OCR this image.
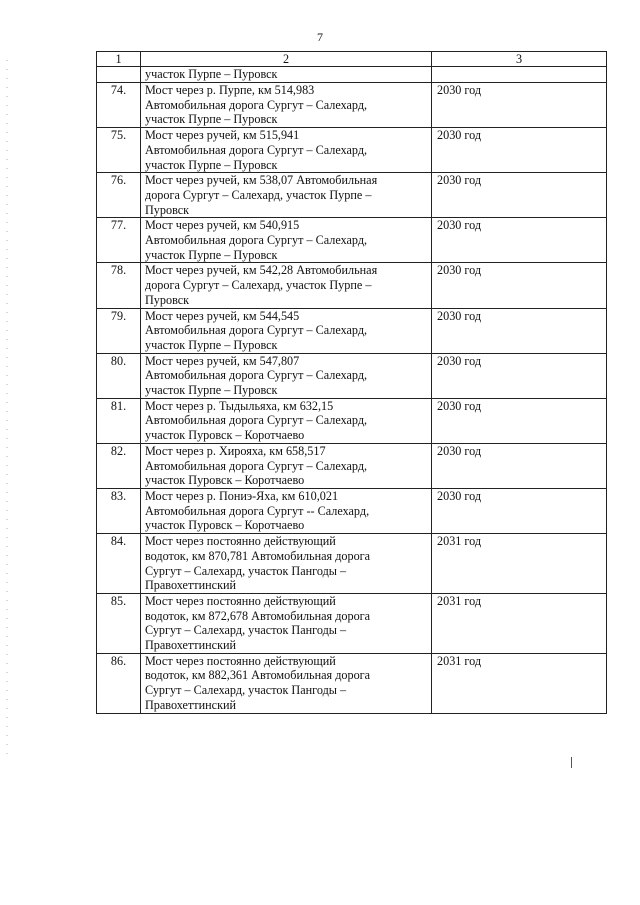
7
1	2	3

	участок Пурпе – Пуровск	

74.	Мост через р. Пурпе, км 514,983
Автомобильная дорога Сургут – Салехард,
участок Пурпе – Пуровск	2030 год
75.	Мост через ручей, км 515,941
Автомобильная дорога Сургут – Салехард,
участок Пурпе – Пуровск	2030 год
76.	Мост через ручей, км 538,07 Автомобильная
дорога Сургут – Салехард, участок Пурпе –
Пуровск	2030 год
77.	Мост через ручей, км 540,915
Автомобильная дорога Сургут – Салехард,
участок Пурпе – Пуровск	2030 год
78.	Мост через ручей, км 542,28 Автомобильная
дорога Сургут – Салехард, участок Пурпе –
Пуровск	2030 год
79.	Мост через ручей, км 544,545
Автомобильная дорога Сургут – Салехард,
участок Пурпе – Пуровск	2030 год
80.	Мост через ручей, км 547,807
Автомобильная дорога Сургут – Салехард,
участок Пурпе – Пуровск	2030 год
81.	Мост через р. Тыдыльяха, км 632,15
Автомобильная дорога Сургут – Салехард,
участок Пуровск – Коротчаево	2030 год
82.	Мост через р. Хирояха, км 658,517
Автомобильная дорога Сургут – Салехард,
участок Пуровск – Коротчаево	2030 год
83.	Мост через р. Пониэ-Яха, км 610,021
Автомобильная дорога Сургут -- Салехард,
участок Пуровск – Коротчаево	2030 год
84.	Мост через постоянно действующий
водоток, км 870,781 Автомобильная дорога
Сургут – Салехард, участок Пангоды –
Правохеттинский	2031 год
85.	Мост через постоянно действующий
водоток, км 872,678 Автомобильная дорога
Сургут – Салехард, участок Пангоды –
Правохеттинский	2031 год
86.	Мост через постоянно действующий
водоток, км 882,361 Автомобильная дорога
Сургут – Салехард, участок Пангоды –
Правохеттинский	2031 год
